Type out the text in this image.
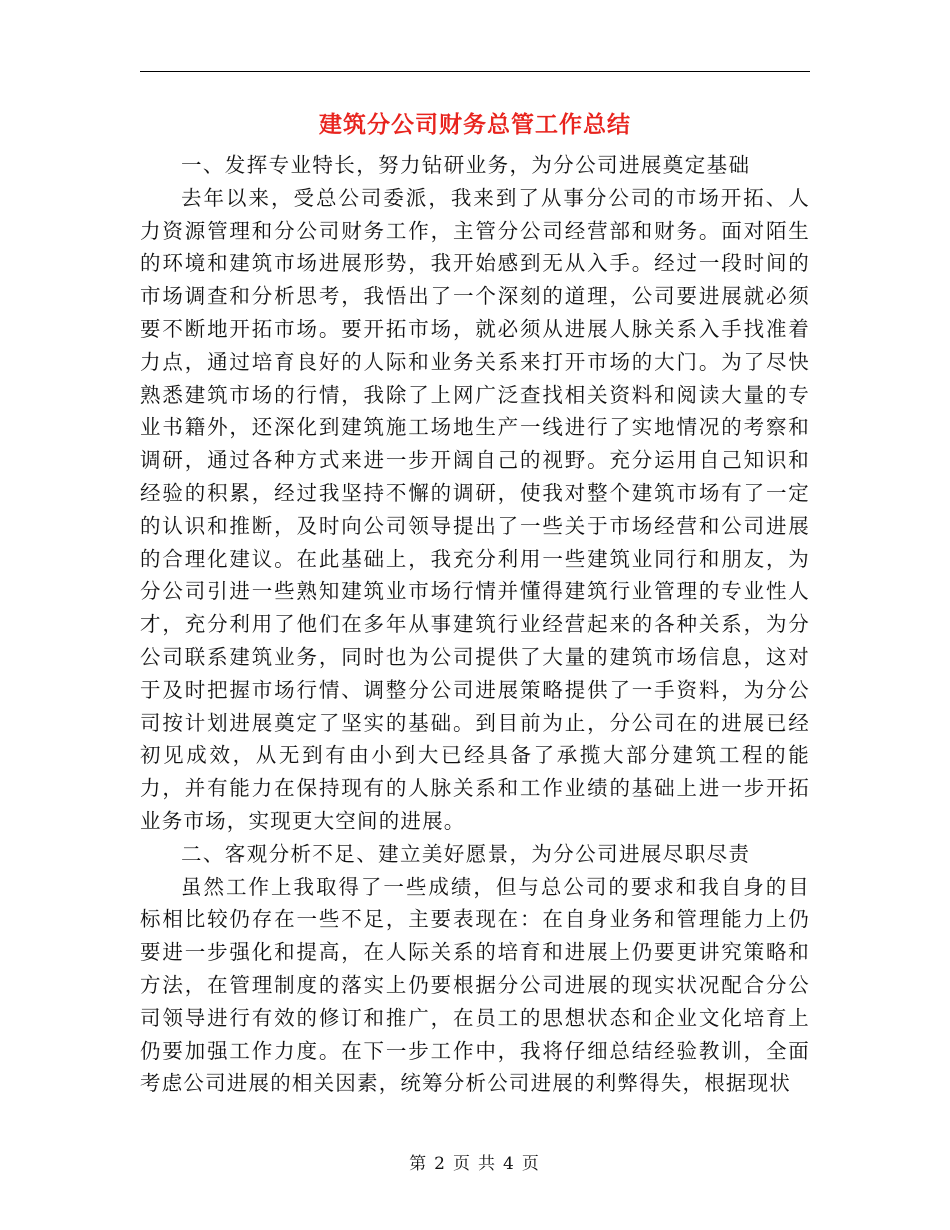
建筑分公司财务总管工作总结

一、发挥专业特长，努力钻研业务，为分公司进展奠定基础

去年以来，受总公司委派，我来到了从事分公司的市场开拓、人力资源管理和分公司财务工作，主管分公司经营部和财务。面对陌生的环境和建筑市场进展形势，我开始感到无从入手。经过一段时间的市场调查和分析思考，我悟出了一个深刻的道理，公司要进展就必须要不断地开拓市场。要开拓市场，就必须从进展人脉关系入手找准着力点，通过培育良好的人际和业务关系来打开市场的大门。为了尽快熟悉建筑市场的行情，我除了上网广泛查找相关资料和阅读大量的专业书籍外，还深化到建筑施工场地生产一线进行了实地情况的考察和调研，通过各种方式来进一步开阔自己的视野。充分运用自己知识和经验的积累，经过我坚持不懈的调研，使我对整个建筑市场有了一定的认识和推断，及时向公司领导提出了一些关于市场经营和公司进展的合理化建议。在此基础上，我充分利用一些建筑业同行和朋友，为分公司引进一些熟知建筑业市场行情并懂得建筑行业管理的专业性人才，充分利用了他们在多年从事建筑行业经营起来的各种关系，为分公司联系建筑业务，同时也为公司提供了大量的建筑市场信息，这对于及时把握市场行情、调整分公司进展策略提供了一手资料，为分公司按计划进展奠定了坚实的基础。到目前为止，分公司在的进展已经初见成效，从无到有由小到大已经具备了承揽大部分建筑工程的能力，并有能力在保持现有的人脉关系和工作业绩的基础上进一步开拓业务市场，实现更大空间的进展。

二、客观分析不足、建立美好愿景，为分公司进展尽职尽责

虽然工作上我取得了一些成绩，但与总公司的要求和我自身的目标相比较仍存在一些不足，主要表现在：在自身业务和管理能力上仍要进一步强化和提高，在人际关系的培育和进展上仍要更讲究策略和方法，在管理制度的落实上仍要根据分公司进展的现实状况配合分公司领导进行有效的修订和推广，在员工的思想状态和企业文化培育上仍要加强工作力度。在下一步工作中，我将仔细总结经验教训，全面考虑公司进展的相关因素，统筹分析公司进展的利弊得失，根据现状

第 2 页 共 4 页
